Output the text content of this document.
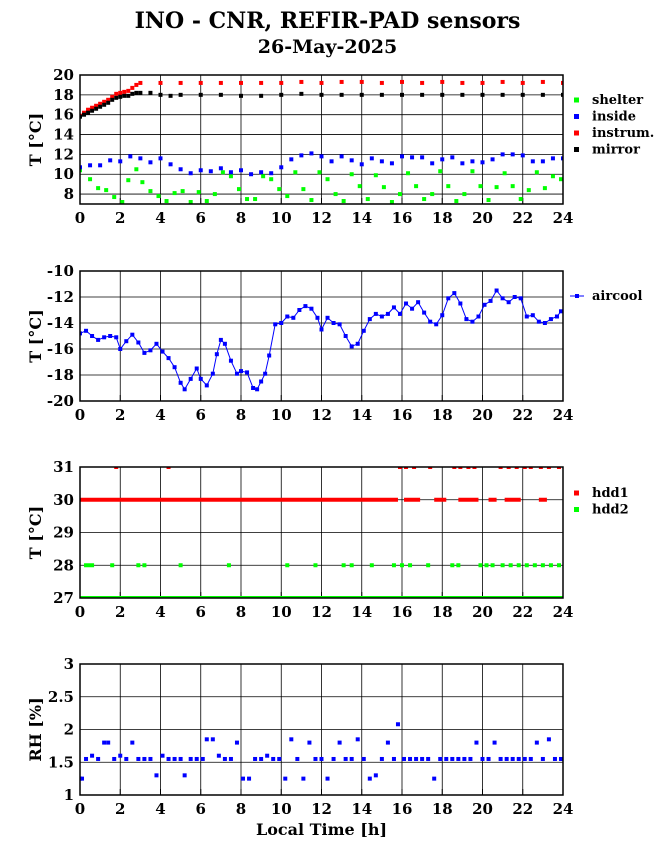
INO - CNR, REFIR-PAD sensors
26-May-2025
0 2 4 6 8 10 12 14 16 18 20 22 24
8
10
12
14
16
18
20
T [°C]
shelter
inside
instrum.
mirror
0 2 4 6 8 10 12 14 16 18 20 22 24
-20
-18
-16
-14
-12
-10
T [°C]
aircool
0 2 4 6 8 10 12 14 16 18 20 22 24
27
28
29
30
31
T [°C]
hdd1
hdd2
0 2 4 6 8 10 12 14 16 18 20 22 24
1
1.5
2
2.5
3
RH [%]
Local Time [h]
